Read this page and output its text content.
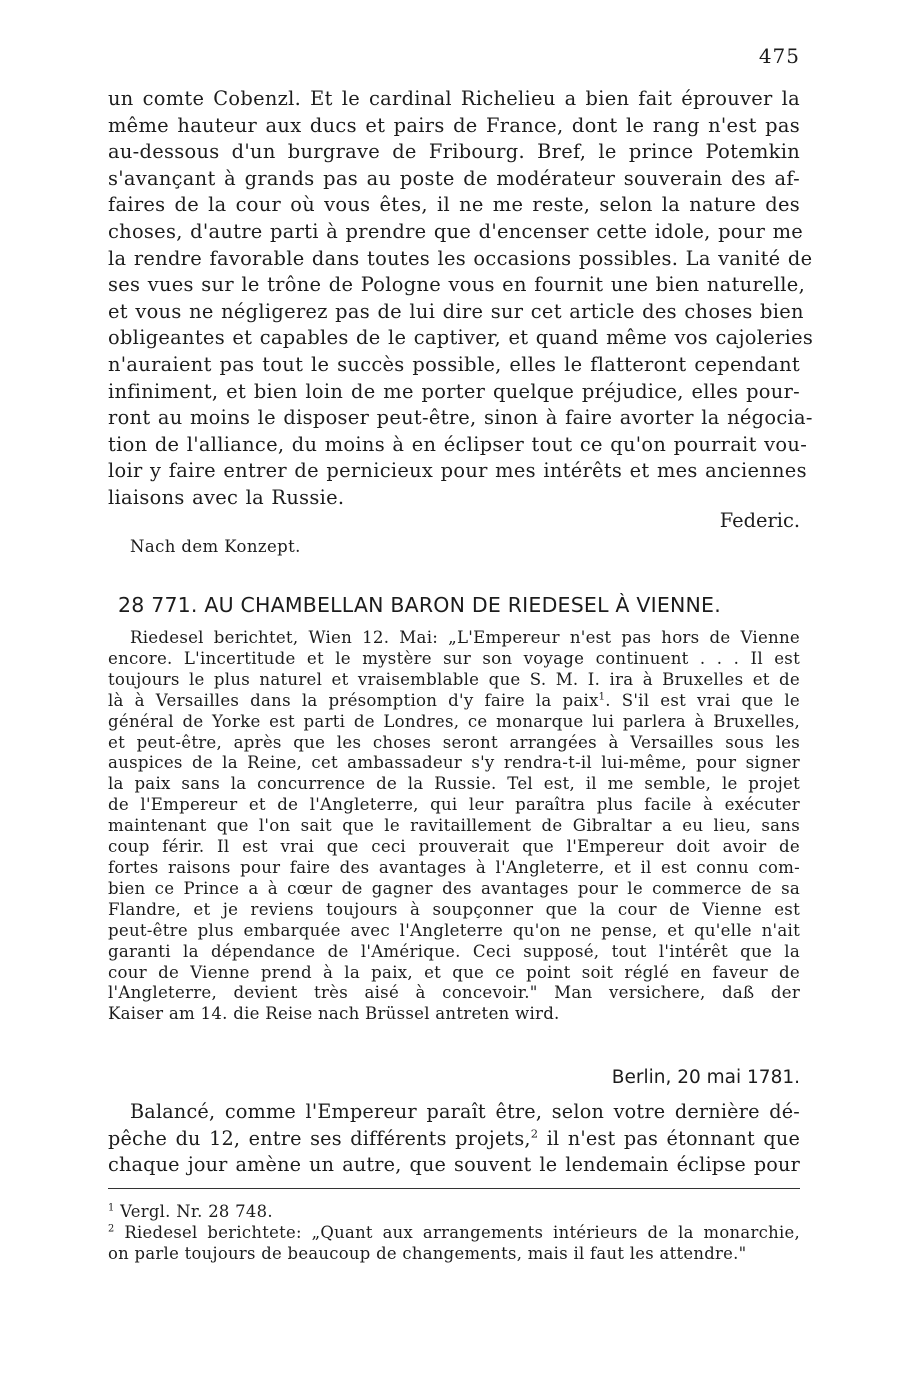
475
un comte Cobenzl. Et le cardinal Richelieu a bien fait éprouver la
même hauteur aux ducs et pairs de France, dont le rang n'est pas
au-dessous d'un burgrave de Fribourg. Bref, le prince Potemkin
s'avançant à grands pas au poste de modérateur souverain des af-
faires de la cour où vous êtes, il ne me reste, selon la nature des
choses, d'autre parti à prendre que d'encenser cette idole, pour me
la rendre favorable dans toutes les occasions possibles. La vanité de
ses vues sur le trône de Pologne vous en fournit une bien naturelle,
et vous ne négligerez pas de lui dire sur cet article des choses bien
obligeantes et capables de le captiver, et quand même vos cajoleries
n'auraient pas tout le succès possible, elles le flatteront cependant
infiniment, et bien loin de me porter quelque préjudice, elles pour-
ront au moins le disposer peut-être, sinon à faire avorter la négocia-
tion de l'alliance, du moins à en éclipser tout ce qu'on pourrait vou-
loir y faire entrer de pernicieux pour mes intérêts et mes anciennes
liaisons avec la Russie.
Federic.
Nach dem Konzept.
28 771. AU CHAMBELLAN BARON DE RIEDESEL À VIENNE.
Riedesel berichtet, Wien 12. Mai: „L'Empereur n'est pas hors de Vienne
encore. L'incertitude et le mystère sur son voyage continuent . . . Il est
toujours le plus naturel et vraisemblable que S. M. I. ira à Bruxelles et de
là à Versailles dans la présomption d'y faire la paix$^1$. S'il est vrai que le
général de Yorke est parti de Londres, ce monarque lui parlera à Bruxelles,
et peut-être, après que les choses seront arrangées à Versailles sous les
auspices de la Reine, cet ambassadeur s'y rendra-t-il lui-même, pour signer
la paix sans la concurrence de la Russie. Tel est, il me semble, le projet
de l'Empereur et de l'Angleterre, qui leur paraîtra plus facile à exécuter
maintenant que l'on sait que le ravitaillement de Gibraltar a eu lieu, sans
coup férir. Il est vrai que ceci prouverait que l'Empereur doit avoir de
fortes raisons pour faire des avantages à l'Angleterre, et il est connu com-
bien ce Prince a à cœur de gagner des avantages pour le commerce de sa
Flandre, et je reviens toujours à soupçonner que la cour de Vienne est
peut-être plus embarquée avec l'Angleterre qu'on ne pense, et qu'elle n'ait
garanti la dépendance de l'Amérique. Ceci supposé, tout l'intérêt que la
cour de Vienne prend à la paix, et que ce point soit réglé en faveur de
l'Angleterre, devient très aisé à concevoir." Man versichere, daß der
Kaiser am 14. die Reise nach Brüssel antreten wird.
Berlin, 20 mai 1781.
Balancé, comme l'Empereur paraît être, selon votre dernière dé-
pêche du 12, entre ses différents projets,$^2$ il n'est pas étonnant que
chaque jour amène un autre, que souvent le lendemain éclipse pour
$^1$ Vergl. Nr. 28 748.
$^2$ Riedesel berichtete: „Quant aux arrangements intérieurs de la monarchie,
on parle toujours de beaucoup de changements, mais il faut les attendre."
